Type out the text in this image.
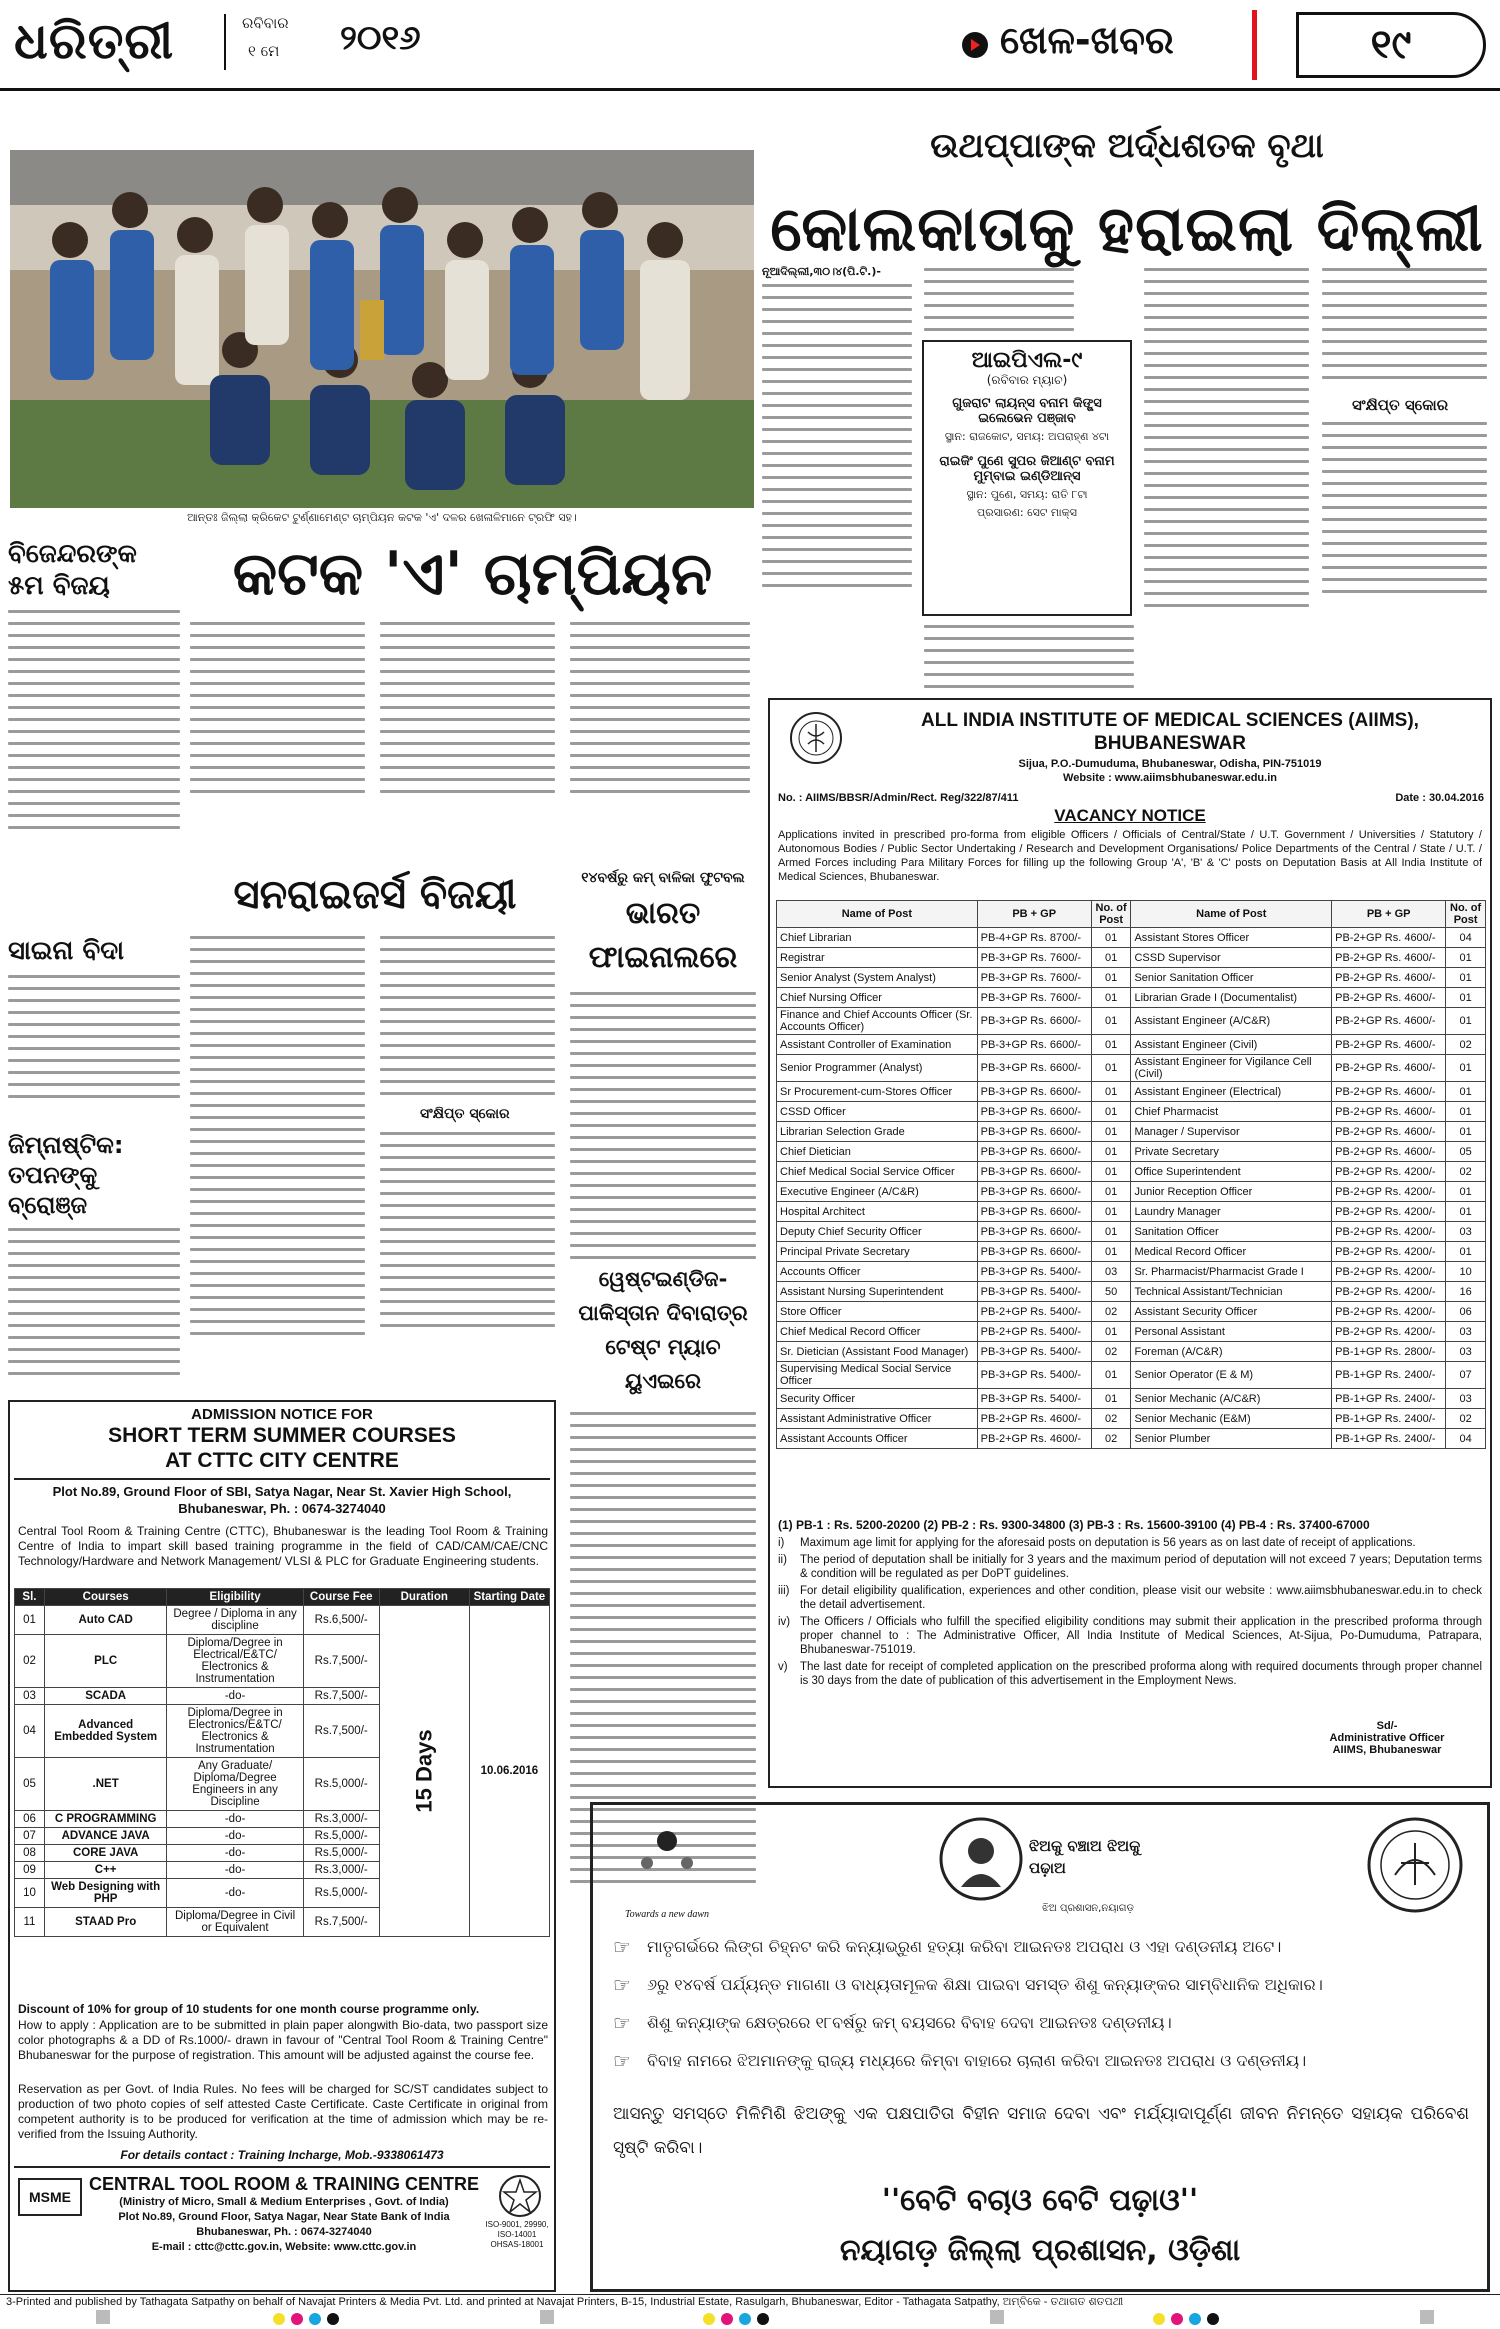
ଧରିତ୍ରୀ	ରବିବାର
୧ ମେ ୨୦୧୬	ଖେଳ-ଖବର	୧୯
ଆନ୍ତଃ ଜିଲ୍ଲା କ୍ରିକେଟ ଟୁର୍ଣ୍ଣାମେଣ୍ଟ ଚାମ୍ପିୟନ କଟକ 'ଏ' ଦଳର ଖେଳାଳିମାନେ ଟ୍ରଫି ସହ।
ଉଥପ୍ପାଙ୍କ ଅର୍ଦ୍ଧଶତକ ବୃଥା
କୋଲକାତାକୁ ହରାଇଲା ଦିଲ୍ଲୀ
ନୂଆଦିଲ୍ଲୀ,୩୦।୪(ପି.ଟି.)-
ଆଇପିଏଲ-୯
(ରବିବାର ମ୍ୟାଚ)
ଗୁଜରାଟ ଲାୟନ୍ସ ବନାମ କିଙ୍ଗ୍ସ ଇଲେଭେନ ପଞ୍ଜାବ
ସ୍ଥାନ: ରାଜକୋଟ, ସମୟ: ଅପରାହ୍ଣ ୪ଟା
ରାଇଜିଂ ପୁଣେ ସୁପର ଜିଆଣ୍ଟ ବନାମ ମୁମ୍ବାଇ ଇଣ୍ଡିଆନ୍ସ
ସ୍ଥାନ: ପୁଣେ, ସମୟ: ରାତି ୮ଟା
ପ୍ରସାରଣ: ସେଟ ମାକ୍ସ
ସଂକ୍ଷିପ୍ତ ସ୍କୋର
ବିଜେନ୍ଦରଙ୍କ ୫ମ ବିଜୟ
ସାଇନା ବିଦା
ଜିମ୍ନାଷ୍ଟିକ: ତପନଙ୍କୁ ବ୍ରୋଞ୍ଜ
କଟକ 'ଏ' ଚାମ୍ପିୟନ
ସନରାଇଜର୍ସ ବିଜୟୀ
ସଂକ୍ଷିପ୍ତ ସ୍କୋର
୧୪ବର୍ଷରୁ କମ୍ ବାଳିକା ଫୁଟବଲ
ଭାରତ ଫାଇନାଲରେ
ୱେଷ୍ଟଇଣ୍ଡିଜ-ପାକିସ୍ତାନ ଦିବାରାତ୍ର ଟେଷ୍ଟ ମ୍ୟାଚ ୟୁଏଇରେ
ALL INDIA INSTITUTE OF MEDICAL SCIENCES (AIIMS),
BHUBANESWAR
Sijua, P.O.-Dumuduma, Bhubaneswar, Odisha, PIN-751019
Website : www.aiimsbhubaneswar.edu.in
No. : AIIMS/BBSR/Admin/Rect. Reg/322/87/411	Date : 30.04.2016
VACANCY NOTICE
Applications invited in prescribed pro-forma from eligible Officers / Officials of Central/State / U.T. Government / Universities / Statutory / Autonomous Bodies / Public Sector Undertaking / Research and Development Organisations/ Police Departments of the Central / State / U.T. / Armed Forces including Para Military Forces for filling up the following Group 'A', 'B' & 'C' posts on Deputation Basis at All India Institute of Medical Sciences, Bhubaneswar.
Name of Post	PB + GP	No. of Post	Name of Post	PB + GP	No. of Post
Chief Librarian	PB-4+GP Rs. 8700/-	01	Assistant Stores Officer	PB-2+GP Rs. 4600/-	04
Registrar	PB-3+GP Rs. 7600/-	01	CSSD Supervisor	PB-2+GP Rs. 4600/-	01
Senior Analyst (System Analyst)	PB-3+GP Rs. 7600/-	01	Senior Sanitation Officer	PB-2+GP Rs. 4600/-	01
Chief Nursing Officer	PB-3+GP Rs. 7600/-	01	Librarian Grade I (Documentalist)	PB-2+GP Rs. 4600/-	01
Finance and Chief Accounts Officer (Sr. Accounts Officer)	PB-3+GP Rs. 6600/-	01	Assistant Engineer (A/C&R)	PB-2+GP Rs. 4600/-	01
Assistant Controller of Examination	PB-3+GP Rs. 6600/-	01	Assistant Engineer (Civil)	PB-2+GP Rs. 4600/-	02
Senior Programmer (Analyst)	PB-3+GP Rs. 6600/-	01	Assistant Engineer for Vigilance Cell (Civil)	PB-2+GP Rs. 4600/-	01
Sr Procurement-cum-Stores Officer	PB-3+GP Rs. 6600/-	01	Assistant Engineer (Electrical)	PB-2+GP Rs. 4600/-	01
CSSD Officer	PB-3+GP Rs. 6600/-	01	Chief Pharmacist	PB-2+GP Rs. 4600/-	01
Librarian Selection Grade	PB-3+GP Rs. 6600/-	01	Manager / Supervisor	PB-2+GP Rs. 4600/-	01
Chief Dietician	PB-3+GP Rs. 6600/-	01	Private Secretary	PB-2+GP Rs. 4600/-	05
Chief Medical Social Service Officer	PB-3+GP Rs. 6600/-	01	Office Superintendent	PB-2+GP Rs. 4200/-	02
Executive Engineer (A/C&R)	PB-3+GP Rs. 6600/-	01	Junior Reception Officer	PB-2+GP Rs. 4200/-	01
Hospital Architect	PB-3+GP Rs. 6600/-	01	Laundry Manager	PB-2+GP Rs. 4200/-	01
Deputy Chief Security Officer	PB-3+GP Rs. 6600/-	01	Sanitation Officer	PB-2+GP Rs. 4200/-	03
Principal Private Secretary	PB-3+GP Rs. 6600/-	01	Medical Record Officer	PB-2+GP Rs. 4200/-	01
Accounts Officer	PB-3+GP Rs. 5400/-	03	Sr. Pharmacist/Pharmacist Grade I	PB-2+GP Rs. 4200/-	10
Assistant Nursing Superintendent	PB-3+GP Rs. 5400/-	50	Technical Assistant/Technician	PB-2+GP Rs. 4200/-	16
Store Officer	PB-2+GP Rs. 5400/-	02	Assistant Security Officer	PB-2+GP Rs. 4200/-	06
Chief Medical Record Officer	PB-2+GP Rs. 5400/-	01	Personal Assistant	PB-2+GP Rs. 4200/-	03
Sr. Dietician (Assistant Food Manager)	PB-3+GP Rs. 5400/-	02	Foreman (A/C&R)	PB-1+GP Rs. 2800/-	03
Supervising Medical Social Service Officer	PB-3+GP Rs. 5400/-	01	Senior Operator (E & M)	PB-1+GP Rs. 2400/-	07
Security Officer	PB-3+GP Rs. 5400/-	01	Senior Mechanic (A/C&R)	PB-1+GP Rs. 2400/-	03
Assistant Administrative Officer	PB-2+GP Rs. 4600/-	02	Senior Mechanic (E&M)	PB-1+GP Rs. 2400/-	02
Assistant Accounts Officer	PB-2+GP Rs. 4600/-	02	Senior Plumber	PB-1+GP Rs. 2400/-	04
(1) PB-1 : Rs. 5200-20200 (2) PB-2 : Rs. 9300-34800 (3) PB-3 : Rs. 15600-39100 (4) PB-4 : Rs. 37400-67000
i)	Maximum age limit for applying for the aforesaid posts on deputation is 56 years as on last date of receipt of applications.
ii)	The period of deputation shall be initially for 3 years and the maximum period of deputation will not exceed 7 years; Deputation terms & condition will be regulated as per DoPT guidelines.
iii) For detail eligibility qualification, experiences and other condition, please visit our website : www.aiimsbhubaneswar.edu.in to check the detail advertisement.
iv) The Officers / Officials who fulfill the specified eligibility conditions may submit their application in the prescribed proforma through proper channel to : The Administrative Officer, All India Institute of Medical Sciences, At-Sijua, Po-Dumuduma, Patrapara, Bhubaneswar-751019.
v)	The last date for receipt of completed application on the prescribed proforma along with required documents through proper channel is 30 days from the date of publication of this advertisement in the Employment News.
Sd/-
Administrative Officer
AIIMS, Bhubaneswar
ADMISSION NOTICE FOR
SHORT TERM SUMMER COURSES
AT CTTC CITY CENTRE
Plot No.89, Ground Floor of SBI, Satya Nagar, Near St. Xavier High School,
Bhubaneswar, Ph. : 0674-3274040
Central Tool Room & Training Centre (CTTC), Bhubaneswar is the leading Tool Room & Training Centre of India to impart skill based training programme in the field of CAD/CAM/CAE/CNC Technology/Hardware and Network Management/ VLSI & PLC for Graduate Engineering students.
Sl.	Courses	Eligibility	Course Fee	Duration	Starting Date
01	Auto CAD	Degree / Diploma in any discipline	Rs.6,500/-	15 Days	10.06.2016
02	PLC	Diploma/Degree in Electrical/E&TC/ Electronics & Instrumentation	Rs.7,500/-		
03	SCADA	-do-	Rs.7,500/-		
04	Advanced Embedded System	Diploma/Degree in Electronics/E&TC/ Electronics & Instrumentation	Rs.7,500/-		
05	.NET	Any Graduate/ Diploma/Degree Engineers in any Discipline	Rs.5,000/-		
06	C PROGRAMMING	-do-	Rs.3,000/-		
07	ADVANCE JAVA	-do-	Rs.5,000/-		
08	CORE JAVA	-do-	Rs.5,000/-		
09	C++	-do-	Rs.3,000/-		
10	Web Designing with PHP	-do-	Rs.5,000/-		
11	STAAD Pro	Diploma/Degree in Civil or Equivalent	Rs.7,500/-		
Discount of 10% for group of 10 students for one month course programme only.
How to apply : Application are to be submitted in plain paper alongwith Bio-data, two passport size color photographs & a DD of Rs.1000/- drawn in favour of "Central Tool Room & Training Centre" Bhubaneswar for the purpose of registration. This amount will be adjusted against the course fee.
Reservation as per Govt. of India Rules. No fees will be charged for SC/ST candidates subject to production of two photo copies of self attested Caste Certificate. Caste Certificate in original from competent authority is to be produced for verification at the time of admission which may be re-verified from the Issuing Authority.
For details contact : Training Incharge, Mob.-9338061473
MSME
CENTRAL TOOL ROOM & TRAINING CENTRE
(Ministry of Micro, Small & Medium Enterprises , Govt. of India)
Plot No.89, Ground Floor, Satya Nagar, Near State Bank of India
Bhubaneswar, Ph. : 0674-3274040
E-mail : cttc@cttc.gov.in, Website: www.cttc.gov.in
ISO-9001, 29990, ISO-14001 OHSAS-18001
Towards a new dawn
ଝିଅକୁ ବଞ୍ଚାଅ ଝିଅକୁ ପଢ଼ାଅ
ଝିଅ ପ୍ରଶାସନ,ନୟାଗଡ଼
☞	ମାତୃଗର୍ଭରେ ଲିଙ୍ଗ ଚିହ୍ନଟ କରି କନ୍ୟାଭ୍ରୁଣ ହତ୍ୟା କରିବା ଆଇନତଃ ଅପରାଧ ଓ ଏହା ଦଣ୍ଡନୀୟ ଅଟେ।
☞	୬ରୁ ୧୪ବର୍ଷ ପର୍ଯ୍ୟନ୍ତ ମାଗଣା ଓ ବାଧ୍ୟତାମୂଳକ ଶିକ୍ଷା ପାଇବା ସମସ୍ତ ଶିଶୁ କନ୍ୟାଙ୍କର ସାମ୍ବିଧାନିକ ଅଧିକାର।
☞	ଶିଶୁ କନ୍ୟାଙ୍କ କ୍ଷେତ୍ରରେ ୧୮ବର୍ଷରୁ କମ୍ ବୟସରେ ବିବାହ ଦେବା ଆଇନତଃ ଦଣ୍ଡନୀୟ।
☞	ବିବାହ ନାମରେ ଝିଅମାନଙ୍କୁ ରାଜ୍ୟ ମଧ୍ୟରେ କିମ୍ବା ବାହାରେ ଚାଲାଣ କରିବା ଆଇନତଃ ଅପରାଧ ଓ ଦଣ୍ଡନୀୟ।
ଆସନ୍ତୁ ସମସ୍ତେ ମିଳିମିଶି ଝିଅଙ୍କୁ ଏକ ପକ୍ଷପାତିତା ବିହୀନ ସମାଜ ଦେବା ଏବଂ ମର୍ଯ୍ୟାଦାପୂର୍ଣ୍ଣ ଜୀବନ ନିମନ୍ତେ ସହାୟକ ପରିବେଶ ସୃଷ୍ଟି କରିବା।
''ବେଟି ବଚାଓ ବେଟି ପଢ଼ାଓ''
ନୟାଗଡ଼ ଜିଲ୍ଲା ପ୍ରଶାସନ, ଓଡ଼ିଶା
3-Printed and published by Tathagata Satpathy on behalf of Navajat Printers & Media Pvt. Ltd. and printed at Navajat Printers, B-15, Industrial Estate, Rasulgarh, Bhubaneswar, Editor - Tathagata Satpathy, ଅମ୍ବିକେ - ତଥାଗତ ଶତପଥୀ
